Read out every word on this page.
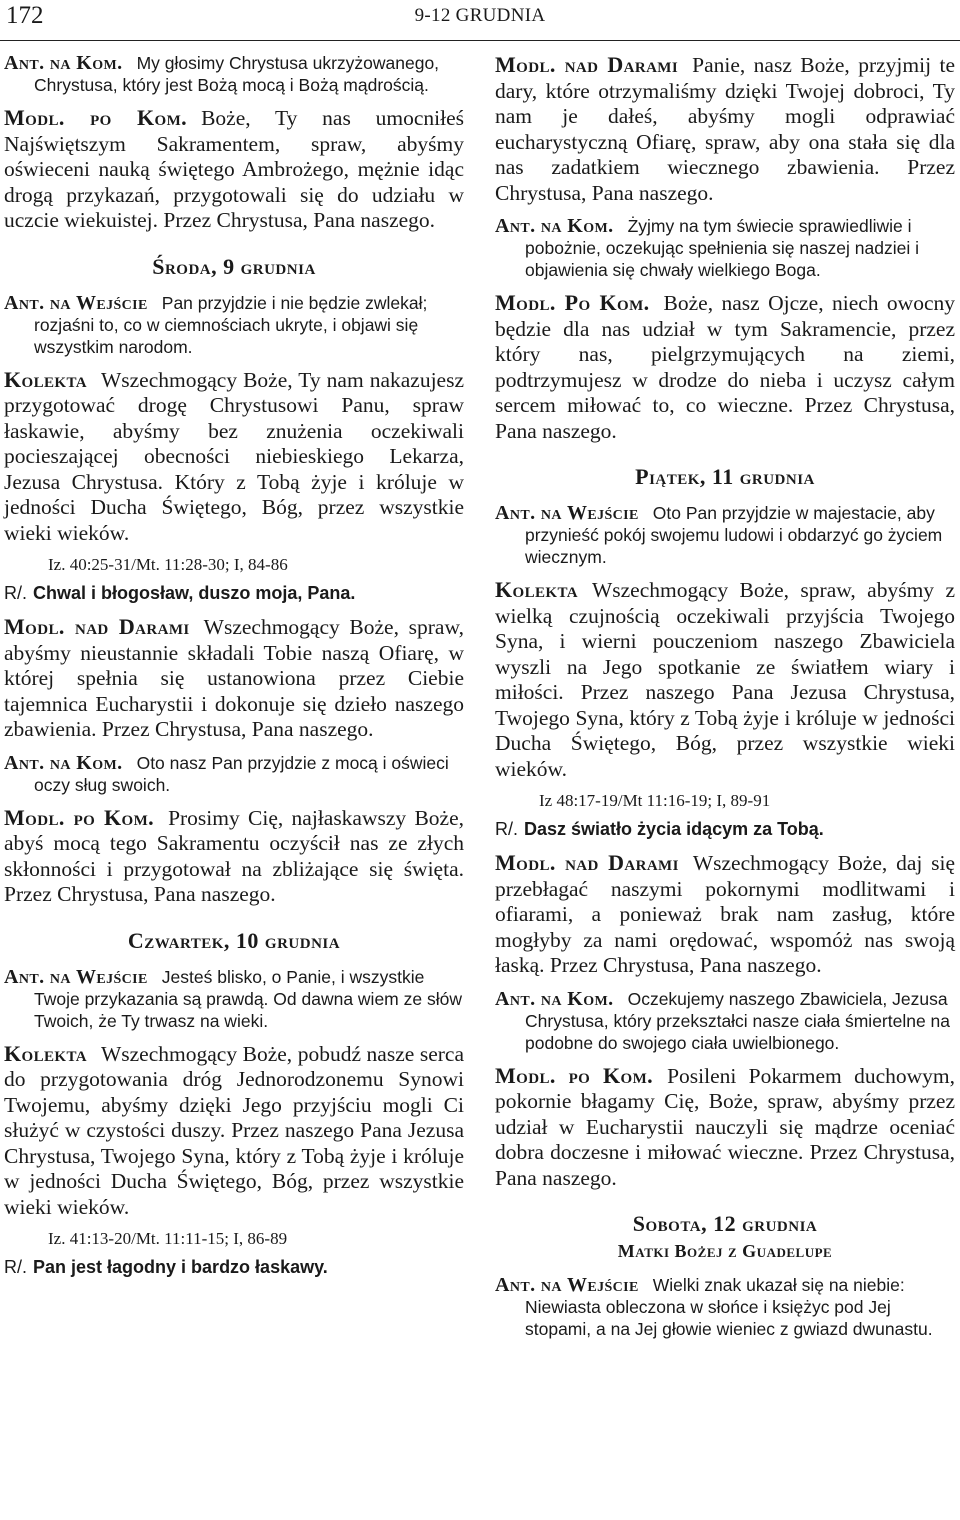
172	9-12 GRUDNIA
Ant. na Kom. My głosimy Chrystusa ukrzyżowanego, Chrystusa, który jest Bożą mocą i Bożą mądrością.
Modl. po Kom. Boże, Ty nas umocniłeś Najświętszym Sakramentem, spraw, abyśmy oświeceni nauką świętego Ambrożego, mężnie idąc drogą przykazań, przygotowali się do udziału w uczcie wiekuistej. Przez Chrystusa, Pana naszego.
Środa, 9 grudnia
Ant. na Wejście Pan przyjdzie i nie będzie zwlekał; rozjaśni to, co w ciemnościach ukryte, i objawi się wszystkim narodom.
Kolekta Wszechmogący Boże, Ty nam nakazujesz przygotować drogę Chrystusowi Panu, spraw łaskawie, abyśmy bez znużenia oczekiwali pocieszającej obecności niebieskiego Lekarza, Jezusa Chrystusa. Który z Tobą żyje i króluje w jedności Ducha Świętego, Bóg, przez wszystkie wieki wieków.
Iz. 40:25-31/Mt. 11:28-30; I, 84-86
R/. Chwal i błogosław, duszo moja, Pana.
Modl. nad Darami Wszechmogący Boże, spraw, abyśmy nieustannie składali Tobie naszą Ofiarę, w której spełnia się ustanowiona przez Ciebie tajemnica Eucharystii i dokonuje się dzieło naszego zbawienia. Przez Chrystusa, Pana naszego.
Ant. na Kom. Oto nasz Pan przyjdzie z mocą i oświeci oczy sług swoich.
Modl. po Kom. Prosimy Cię, najłaskawszy Boże, abyś mocą tego Sakramentu oczyścił nas ze złych skłonności i przygotował na zbliżające się święta. Przez Chrystusa, Pana naszego.
Czwartek, 10 grudnia
Ant. na Wejście Jesteś blisko, o Panie, i wszystkie Twoje przykazania są prawdą. Od dawna wiem ze słów Twoich, że Ty trwasz na wieki.
Kolekta Wszechmogący Boże, pobudź nasze serca do przygotowania dróg Jednorodzonemu Synowi Twojemu, abyśmy dzięki Jego przyjściu mogli Ci służyć w czystości duszy. Przez naszego Pana Jezusa Chrystusa, Twojego Syna, który z Tobą żyje i króluje w jedności Ducha Świętego, Bóg, przez wszystkie wieki wieków.
Iz. 41:13-20/Mt. 11:11-15; I, 86-89
R/. Pan jest łagodny i bardzo łaskawy.
Modl. nad Darami Panie, nasz Boże, przyjmij te dary, które otrzymaliśmy dzięki Twojej dobroci, Ty nam je dałeś, abyśmy mogli odprawiać eucharystyczną Ofiarę, spraw, aby ona stała się dla nas zadatkiem wiecznego zbawienia. Przez Chrystusa, Pana naszego.
Ant. na Kom. Żyjmy na tym świecie sprawiedliwie i pobożnie, oczekując spełnienia się naszej nadziei i objawienia się chwały wielkiego Boga.
Modl. Po Kom. Boże, nasz Ojcze, niech owocny będzie dla nas udział w tym Sakramencie, przez który nas, pielgrzymujących na ziemi, podtrzymujesz w drodze do nieba i uczysz całym sercem miłować to, co wieczne. Przez Chrystusa, Pana naszego.
Piątek, 11 grudnia
Ant. na Wejście Oto Pan przyjdzie w majestacie, aby przynieść pokój swojemu ludowi i obdarzyć go życiem wiecznym.
Kolekta Wszechmogący Boże, spraw, abyśmy z wielką czujnością oczekiwali przyjścia Twojego Syna, i wierni pouczeniom naszego Zbawiciela wyszli na Jego spotkanie ze światłem wiary i miłości. Przez naszego Pana Jezusa Chrystusa, Twojego Syna, który z Tobą żyje i króluje w jedności Ducha Świętego, Bóg, przez wszystkie wieki wieków.
Iz 48:17-19/Mt 11:16-19; I, 89-91
R/. Dasz światło życia idącym za Tobą.
Modl. nad Darami Wszechmogący Boże, daj się przebłagać naszymi pokornymi modlitwami i ofiarami, a ponieważ brak nam zasług, które mogłyby za nami orędować, wspomóż nas swoją łaską. Przez Chrystusa, Pana naszego.
Ant. na Kom. Oczekujemy naszego Zbawiciela, Jezusa Chrystusa, który przekształci nasze ciała śmiertelne na podobne do swojego ciała uwielbionego.
Modl. po Kom. Posileni Pokarmem duchowym, pokornie błagamy Cię, Boże, spraw, abyśmy przez udział w Eucharystii nauczyli się mądrze oceniać dobra doczesne i miłować wieczne. Przez Chrystusa, Pana naszego.
Sobota, 12 grudnia
Matki Bożej z Guadelupe
Ant. na Wejście Wielki znak ukazał się na niebie: Niewiasta obleczona w słońce i księżyc pod Jej stopami, a na Jej głowie wieniec z gwiazd dwunastu.
